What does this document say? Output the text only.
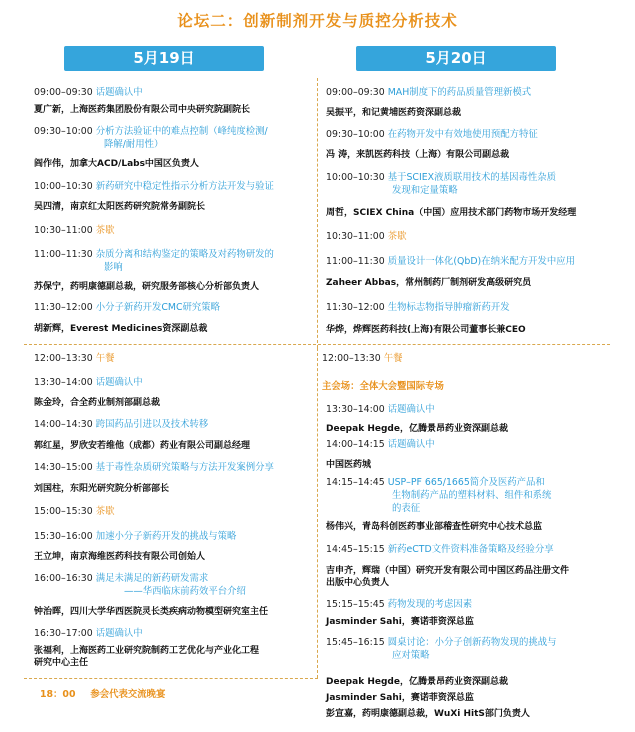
论坛二：创新制剂开发与质控分析技术
5月19日	5月20日
09:00–09:30 话题确认中
夏广新，上海医药集团股份有限公司中央研究院副院长
09:30–10:00 分析方法验证中的难点控制（峰纯度检测/
降解/耐用性）
阎作伟，加拿大ACD/Labs中国区负责人
10:00–10:30 新药研究中稳定性指示分析方法开发与验证
吴四清，南京红太阳医药研究院常务副院长
10:30–11:00 茶歇
11:00–11:30 杂质分离和结构鉴定的策略及对药物研发的
影响
苏保宁，药明康德副总裁，研究服务部核心分析部负责人
11:30–12:00 小分子新药开发CMC研究策略
胡新辉，Everest Medicines资深副总裁
12:00–13:30 午餐
13:30–14:00 话题确认中
陈金玲，合全药业制剂部副总裁
14:00–14:30 跨国药品引进以及技术转移
郭红星，罗欣安若维他（成都）药业有限公司副总经理
14:30–15:00 基于毒性杂质研究策略与方法开发案例分享
刘国柱，东阳光研究院分析部部长
15:00–15:30 茶歇
15:30–16:00 加速小分子新药开发的挑战与策略
王立坤，南京海维医药科技有限公司创始人
16:00–16:30 满足未满足的新药研发需求
——华西临床前药效平台介绍
钟治晖，四川大学华西医院灵长类疾病动物模型研究室主任
16:30–17:00 话题确认中
张福利，上海医药工业研究院制药工艺优化与产业化工程
研究中心主任
18：00 参会代表交流晚宴
09:00–09:30 MAH制度下的药品质量管理新模式
吴振平，和记黄埔医药资深副总裁
09:30–10:00 在药物开发中有效地使用预配方特征
冯 涛，来凯医药科技（上海）有限公司副总裁
10:00–10:30 基于SCIEX液质联用技术的基因毒性杂质
发现和定量策略
周哲，SCIEX China（中国）应用技术部门药物市场开发经理
10:30–11:00 茶歇
11:00–11:30 质量设计一体化(QbD)在纳米配方开发中应用
Zaheer Abbas，常州制药厂制剂研发高级研究员
11:30–12:00 生物标志物指导肿瘤新药开发
华烨，烨辉医药科技(上海)有限公司董事长兼CEO
12:00–13:30 午餐
主会场：全体大会暨国际专场
13:30–14:00 话题确认中
Deepak Hegde，亿腾景昂药业资深副总裁
14:00–14:15 话题确认中
中国医药城
14:15–14:45 USP–PF 665/1665简介及医药产品和
生物制药产品的塑料材料、组件和系统
的表征
杨伟兴，青岛科创医药事业部稽查性研究中心技术总监
14:45–15:15 新药eCTD文件资料准备策略及经验分享
吉申齐，辉瑞（中国）研究开发有限公司中国区药品注册文件
出版中心负责人
15:15–15:45 药物发现的考虑因素
Jasminder Sahi，赛诺菲资深总监
15:45–16:15 圆桌讨论：小分子创新药物发现的挑战与
应对策略
Deepak Hegde，亿腾景昂药业资深副总裁
Jasminder Sahi，赛诺菲资深总监
彭宣嘉，药明康德副总裁，WuXi HitS部门负责人
